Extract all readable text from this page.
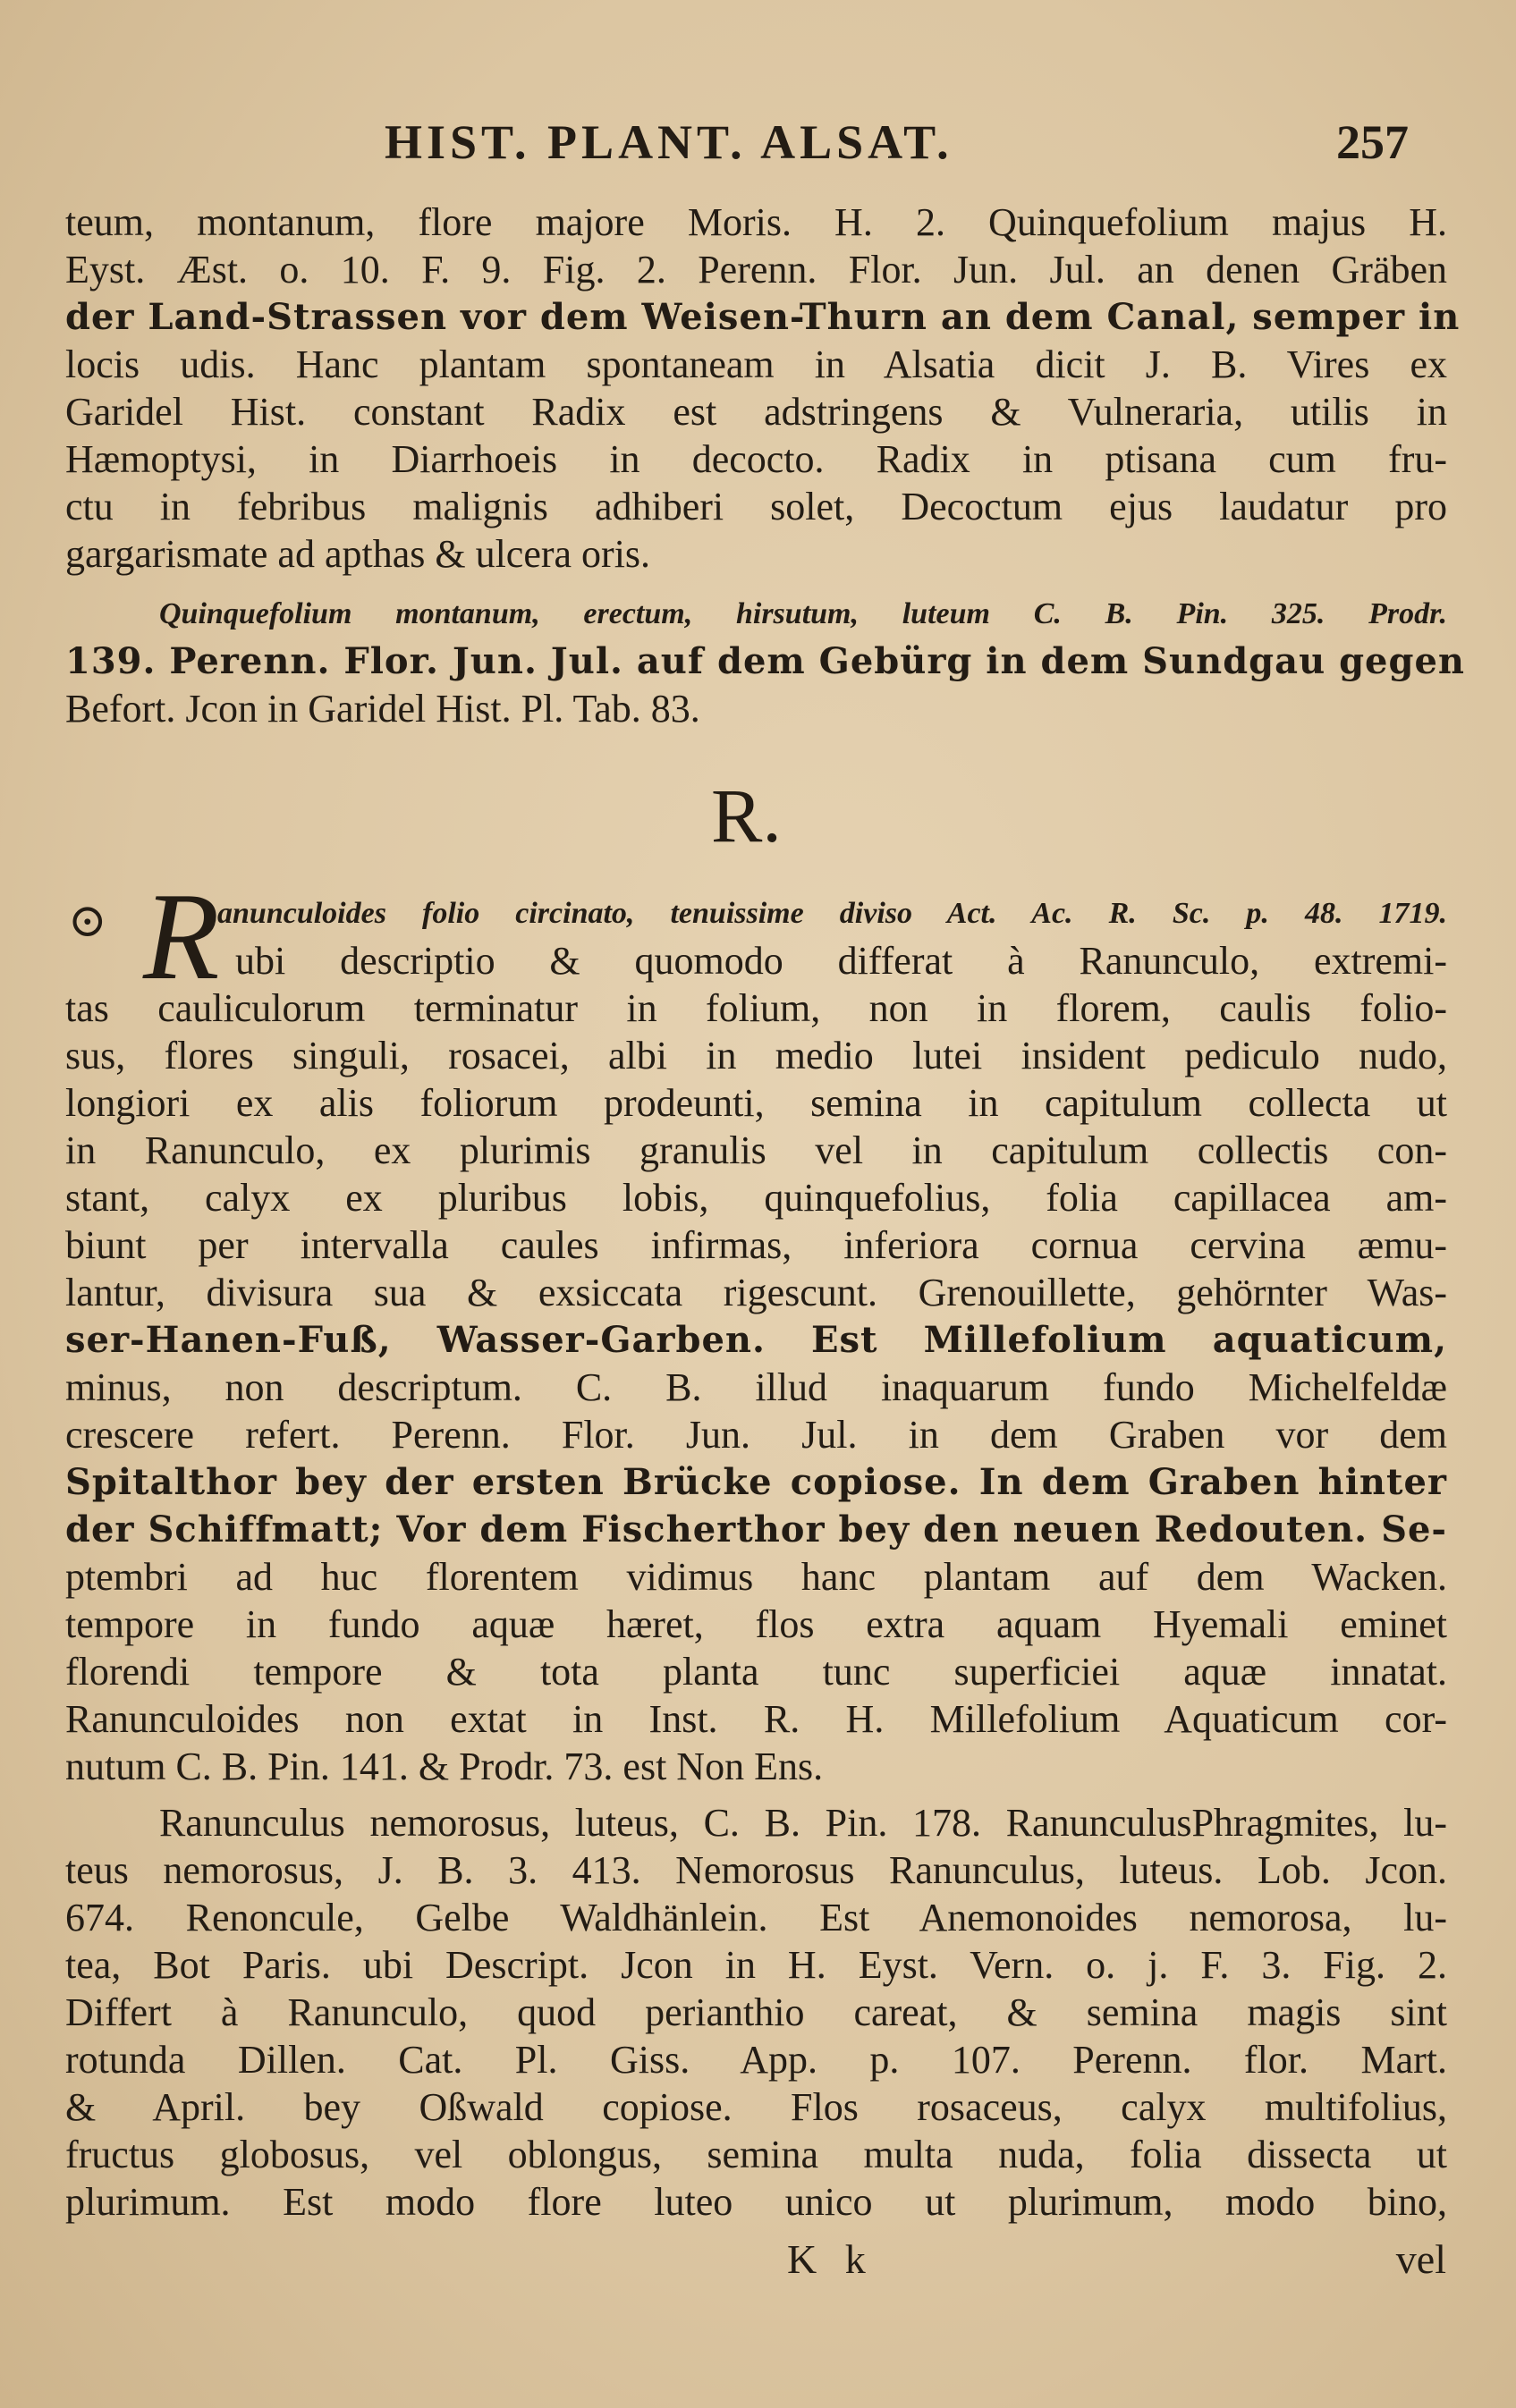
HIST. PLANT. ALSAT.	257
teum, montanum, flore majore Moris. H. 2. Quinquefolium majus H.
Eyst. Æst. o. 10. F. 9. Fig. 2. Perenn. Flor. Jun. Jul. an denen Gräben
der Land-Strassen vor dem Weisen-Thurn an dem Canal, semper in
locis udis. Hanc plantam spontaneam in Alsatia dicit J. B. Vires ex
Garidel Hist. constant Radix est adstringens & Vulneraria, utilis in
Hæmoptysi, in Diarrhoeis in decocto. Radix in ptisana cum fru-
ctu in febribus malignis adhiberi solet, Decoctum ejus laudatur pro
gargarismate ad apthas & ulcera oris.
Quinquefolium montanum, erectum, hirsutum, luteum C. B. Pin. 325. Prodr.
139. Perenn. Flor. Jun. Jul. auf dem Gebürg in dem Sundgau gegen
Befort. Jcon in Garidel Hist. Pl. Tab. 83.
R.
⊙ R
anunculoides folio circinato, tenuissime diviso Act. Ac. R. Sc. p. 48. 1719.
ubi descriptio & quomodo differat à Ranunculo, extremi-
tas cauliculorum terminatur in folium, non in florem, caulis folio-
sus, flores singuli, rosacei, albi in medio lutei insident pediculo nudo,
longiori ex alis foliorum prodeunti, semina in capitulum collecta ut
in Ranunculo, ex plurimis granulis vel in capitulum collectis con-
stant, calyx ex pluribus lobis, quinquefolius, folia capillacea am-
biunt per intervalla caules infirmas, inferiora cornua cervina æmu-
lantur, divisura sua & exsiccata rigescunt. Grenouillette, gehörnter Was-
ser-Hanen-Fuß, Wasser-Garben. Est Millefolium aquaticum,
minus, non descriptum. C. B. illud inaquarum fundo Michelfeldæ
crescere refert. Perenn. Flor. Jun. Jul. in dem Graben vor dem
Spitalthor bey der ersten Brücke copiose. In dem Graben hinter
der Schiffmatt; Vor dem Fischerthor bey den neuen Redouten. Se-
ptembri ad huc florentem vidimus hanc plantam auf dem Wacken.
tempore in fundo aquæ hæret, flos extra aquam Hyemali eminet
florendi tempore & tota planta tunc superficiei aquæ innatat.
Ranunculoides non extat in Inst. R. H. Millefolium Aquaticum cor-
nutum C. B. Pin. 141. & Prodr. 73. est Non Ens.
Ranunculus nemorosus, luteus, C. B. Pin. 178. RanunculusPhragmites, lu-
teus nemorosus, J. B. 3. 413. Nemorosus Ranunculus, luteus. Lob. Jcon.
674. Renoncule, Gelbe Waldhänlein. Est Anemonoides nemorosa, lu-
tea, Bot Paris. ubi Descript. Jcon in H. Eyst. Vern. o. j. F. 3. Fig. 2.
Differt à Ranunculo, quod perianthio careat, & semina magis sint
rotunda Dillen. Cat. Pl. Giss. App. p. 107. Perenn. flor. Mart.
& April. bey Oßwald copiose. Flos rosaceus, calyx multifolius,
fructus globosus, vel oblongus, semina multa nuda, folia dissecta ut
plurimum. Est modo flore luteo unico ut plurimum, modo bino,
K k	vel
